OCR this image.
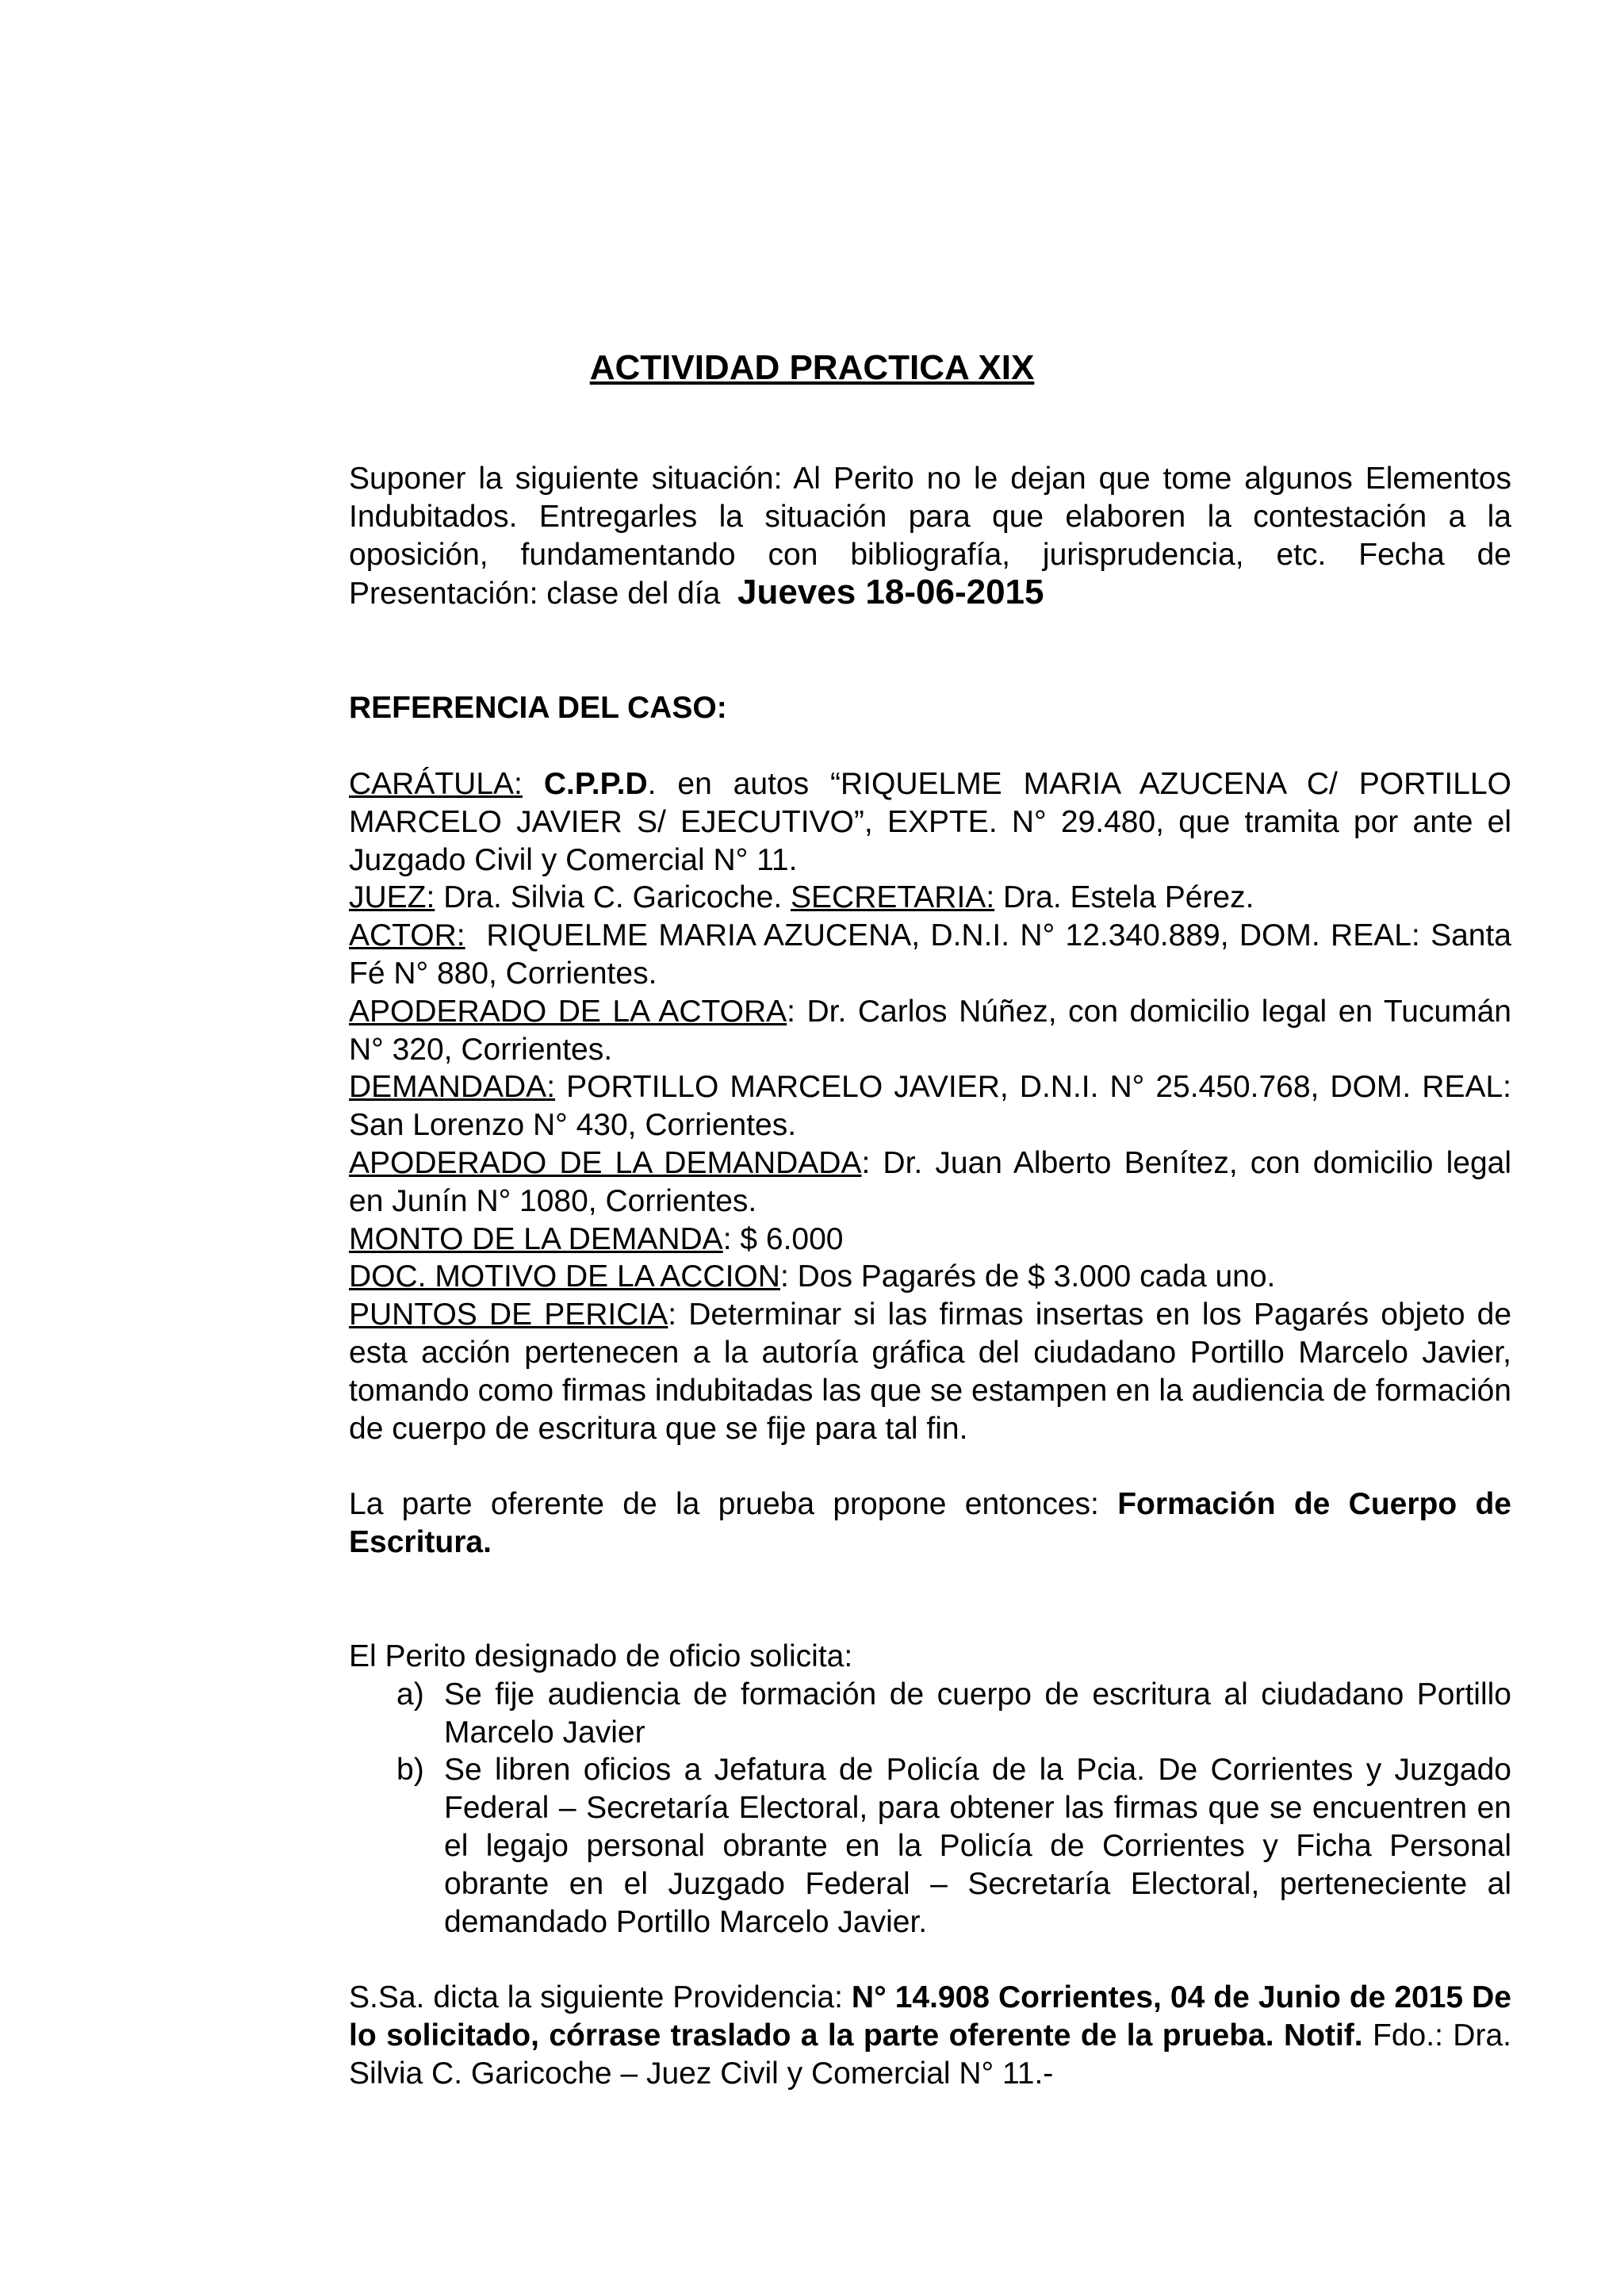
ACTIVIDAD PRACTICA XIX

Suponer la siguiente situación: Al Perito no le dejan que tome algunos Elementos Indubitados. Entregarles la situación para que elaboren la contestación a la oposición, fundamentando con bibliografía, jurisprudencia, etc. Fecha de Presentación: clase del día Jueves 18-06-2015

REFERENCIA DEL CASO:

CARÁTULA: C.P.P.D. en autos “RIQUELME MARIA AZUCENA C/ PORTILLO MARCELO JAVIER S/ EJECUTIVO”, EXPTE. N° 29.480, que tramita por ante el Juzgado Civil y Comercial N° 11.

JUEZ: Dra. Silvia C. Garicoche. SECRETARIA: Dra. Estela Pérez.

ACTOR: RIQUELME MARIA AZUCENA, D.N.I. N° 12.340.889, DOM. REAL: Santa Fé N° 880, Corrientes.

APODERADO DE LA ACTORA: Dr. Carlos Núñez, con domicilio legal en Tucumán N° 320, Corrientes.

DEMANDADA: PORTILLO MARCELO JAVIER, D.N.I. N° 25.450.768, DOM. REAL: San Lorenzo N° 430, Corrientes.

APODERADO DE LA DEMANDADA: Dr. Juan Alberto Benítez, con domicilio legal en Junín N° 1080, Corrientes.

MONTO DE LA DEMANDA: $ 6.000

DOC. MOTIVO DE LA ACCION: Dos Pagarés de $ 3.000 cada uno.

PUNTOS DE PERICIA: Determinar si las firmas insertas en los Pagarés objeto de esta acción pertenecen a la autoría gráfica del ciudadano Portillo Marcelo Javier, tomando como firmas indubitadas las que se estampen en la audiencia de formación de cuerpo de escritura que se fije para tal fin.

La parte oferente de la prueba propone entonces: Formación de Cuerpo de Escritura.

El Perito designado de oficio solicita:

a) Se fije audiencia de formación de cuerpo de escritura al ciudadano Portillo Marcelo Javier
b) Se libren oficios a Jefatura de Policía de la Pcia. De Corrientes y Juzgado Federal – Secretaría Electoral, para obtener las firmas que se encuentren en el legajo personal obrante en la Policía de Corrientes y Ficha Personal obrante en el Juzgado Federal – Secretaría Electoral, perteneciente al demandado Portillo Marcelo Javier.

S.Sa. dicta la siguiente Providencia: N° 14.908 Corrientes, 04 de Junio de 2015 De lo solicitado, córrase traslado a la parte oferente de la prueba. Notif. Fdo.: Dra. Silvia C. Garicoche – Juez Civil y Comercial N° 11.-
